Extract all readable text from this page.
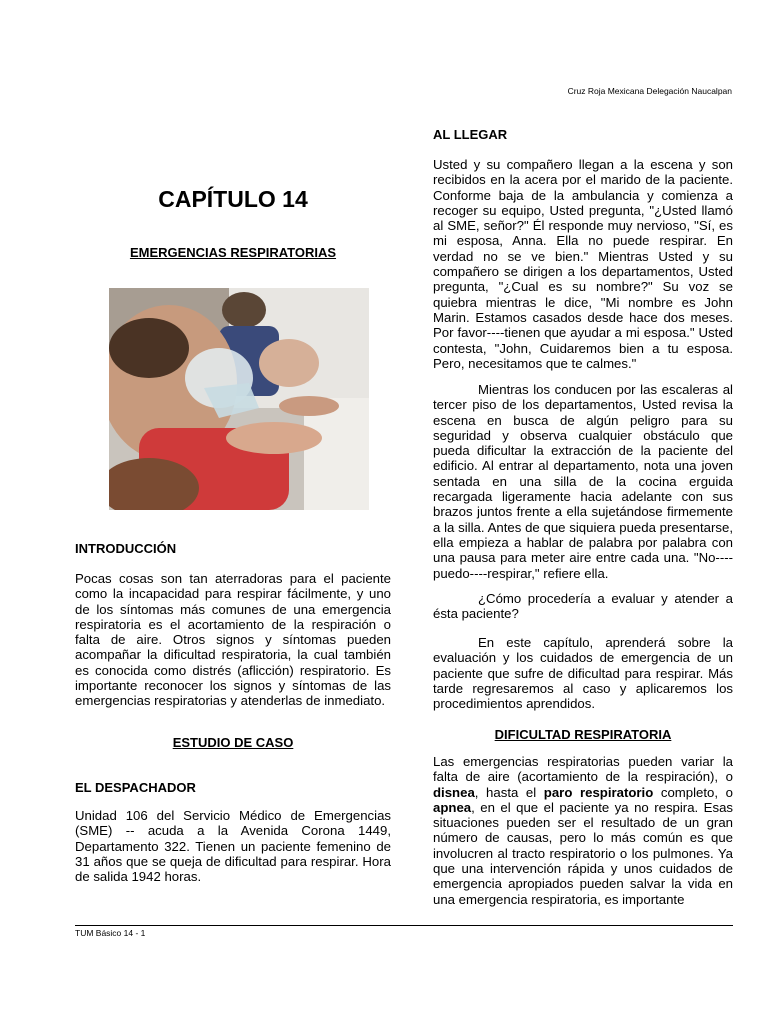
Cruz Roja Mexicana Delegación Naucalpan
CAPÍTULO 14
EMERGENCIAS RESPIRATORIAS
INTRODUCCIÓN

Pocas cosas son tan aterradoras para el paciente como la incapacidad para respirar fácilmente, y uno de los síntomas más comunes de una emergencia respiratoria es el acortamiento de la respiración o falta de aire. Otros signos y síntomas pueden acompañar la dificultad respiratoria, la cual también es conocida como distrés (aflicción) respiratorio. Es importante reconocer los signos y síntomas de las emergencias respiratorias y atenderlas de inmediato.

ESTUDIO DE CASO
EL DESPACHADOR

Unidad 106 del Servicio Médico de Emergencias (SME) -- acuda a la Avenida Corona 1449, Departamento 322. Tienen un paciente femenino de 31 años que se queja de dificultad para respirar. Hora de salida 1942 horas.

AL LLEGAR

Usted y su compañero llegan a la escena y son recibidos en la acera por el marido de la paciente. Conforme baja de la ambulancia y comienza a recoger su equipo, Usted pregunta, "¿Usted llamó al SME, señor?" Él responde muy nervioso, "Sí, es mi esposa, Anna. Ella no puede respirar. En verdad no se ve bien." Mientras Usted y su compañero se dirigen a los departamentos, Usted pregunta, "¿Cual es su nombre?" Su voz se quiebra mientras le dice, "Mi nombre es John Marin. Estamos casados desde hace dos meses. Por favor----tienen que ayudar a mi esposa." Usted contesta, "John, Cuidaremos bien a tu esposa. Pero, necesitamos que te calmes."

Mientras los conducen por las escaleras al tercer piso de los departamentos, Usted revisa la escena en busca de algún peligro para su seguridad y observa cualquier obstáculo que pueda dificultar la extracción de la paciente del edificio. Al entrar al departamento, nota una joven sentada en una silla de la cocina erguida recargada ligeramente hacia adelante con sus brazos juntos frente a ella sujetándose firmemente a la silla. Antes de que siquiera pueda presentarse, ella empieza a hablar de palabra por palabra con una pausa para meter aire entre cada una. "No----puedo----respirar," refiere ella.

¿Cómo procedería a evaluar y atender a ésta paciente?

En este capítulo, aprenderá sobre la evaluación y los cuidados de emergencia de un paciente que sufre de dificultad para respirar. Más tarde regresaremos al caso y aplicaremos los procedimientos aprendidos.

DIFICULTAD RESPIRATORIA

Las emergencias respiratorias pueden variar la falta de aire (acortamiento de la respiración), o disnea, hasta el paro respiratorio completo, o apnea, en el que el paciente ya no respira. Esas situaciones pueden ser el resultado de un gran número de causas, pero lo más común es que involucren al tracto respiratorio o los pulmones. Ya que una intervención rápida y unos cuidados de emergencia apropiados pueden salvar la vida en una emergencia respiratoria, es importante

TUM Básico 14 - 1
